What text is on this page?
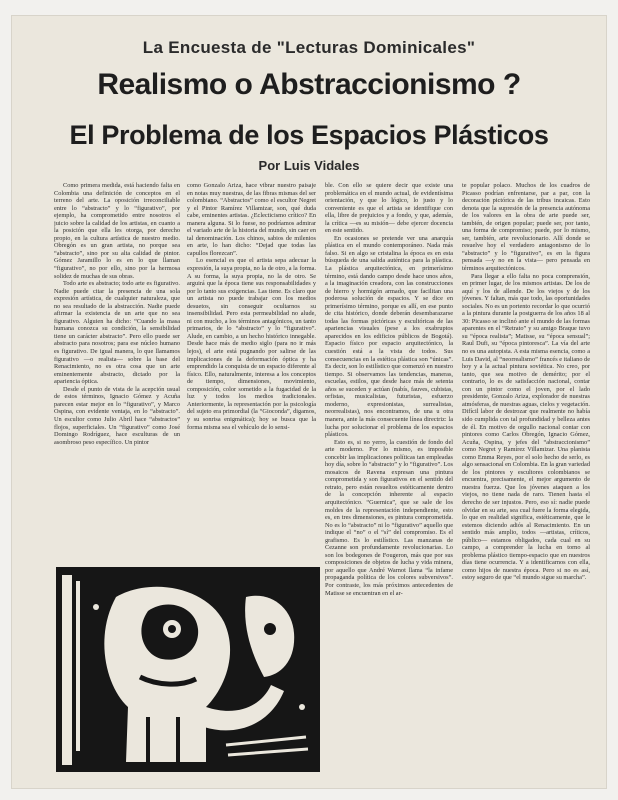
La Encuesta de "Lecturas Dominicales"
Realismo o Abstraccionismo ?
El Problema de los Espacios Plásticos
Por Luis Vidales

Como primera medida, está haciendo falta en Colombia una definición de conceptos en el terreno del arte. La oposición irreconciliable entre lo “abstracto” y lo “figurativo”, por ejemplo, ha comprometido entre nosotros el juicio sobre la calidad de los artistas, en cuanto a la posición que ella les otorga, por derecho propio, en la cultura artística de nuestro medio. Obregón es un gran artista, no porque sea “abstracto”, sino por su alta calidad de pintor. Gómez Jaramillo lo es en lo que llaman “figurativo”, no por ello, sino por la hermosa solidez de muchas de sus obras.

Todo arte es abstracto; todo arte es figurativo. Nadie puede citar la presencia de una sola expresión artística, de cualquier naturaleza, que no sea resultado de la abstracción. Nadie puede afirmar la existencia de un arte que no sea figurativo. Alguien ha dicho: “Cuando la masa humana conozca su condición, la sensibilidad tiene un carácter abstracto”. Pero ello puede ser abstracto para nosotros; para ese núcleo humano es figurativo. De igual manera, lo que llamamos figurativo —o realista— sobre la base del Renacimiento, no es otra cosa que un arte eminentemente abstracto, dictado por la apariencia óptica.

Desde el punto de vista de la acepción usual de estos términos, Ignacio Gómez y Acuña parecen estar mejor en lo “figurativo”, y Marco Ospina, con evidente ventaja, en lo “abstracto”. Un escultor como Julio Abril hace “abstractos” flojos, superficiales. Un “figurativo” como José Domingo Rodríguez, hace esculturas de un asombroso peso específico. Un pintor

como Gonzalo Ariza, hace vibrar nuestro paisaje en notas muy nuestras, de las fibras mismas del ser colombiano. “Abstractos” como el escultor Negret y el Pintor Ramírez Villamizar, son, qué duda cabe, eminentes artistas. ¿Eclecticismo crítico? En manera alguna. Si lo fuese, no podríamos admirar el variado arte de la historia del mundo, sin caer en tal denominación. Los chinos, sabios de milenios en arte, lo han dicho: “Dejad que todas las capullos florezcan”.

Lo esencial es que el artista sepa adecuar la expresión, la suya propia, no la de otro, a la forma. A su forma, la suya propia, no la de otro. Se arguirá que la época tiene sus responsabilidades y por lo tanto sus exigencias. Las tiene. Es claro que un artista no puede trabajar con los medios desuetos, sin conseguir ocultarnos su insensibilidad. Pero esta permeabilidad no alude, ni con mucho, a los términos antagónicos, un tanto primarios, de lo “abstracto” y lo “figurativo”. Alude, en cambio, a un hecho histórico innegable. Desde hace más de medio siglo (para no ir más lejos), el arte está pugnando por salirse de las implicaciones de la deformación óptica y ha emprendido la conquista de un espacio diferente al físico. Ello, naturalmente, interesa a los conceptos de tiempo, dimensiones, movimiento, composición, color sometido a la fugacidad de la luz y todos los medios tradicionales. Anteriormente, la representación por la psicología del sujeto era primordial (la “Gioconda”, digamos, y su sonrisa enigmática); hoy se busca que la forma misma sea el vehículo de lo sensi-

ble. Con ello se quiere decir que existe una problemática en el mundo actual, de evidentísima orientación, y que lo lógico, lo justo y lo conveniente es que el artista se identifique con ella, libre de prejuicios y a fondo, y que, además, la crítica —es su misión— debe ejercer docencia en este sentido.

En ocasiones se pretende ver una anarquía plástica en el mundo contemporáneo. Nada más falso. Si en algo se cristalina la época es en esta búsqueda de una salida auténtica para la plástica. La plástica arquitectónica, en primerísimo término, está dando campo desde hace unos años, a la imaginación creadora, con las construcciones de hierro y hormigón armado, que facilitan una poderosa solución de espacios. Y se dice en primerísimo término, porque es allí, en ese punto de cita histórico, donde deberán desembarazarse todas las formas pictóricas y escultóricas de las apariencias visuales (pese a los exabruptos aparecidos en los edificios públicos de Bogotá). Espacio físico por espacio arquitectónico, la cuestión está a la vista de todos. Sus consecuencias en la estética plástica son “únicas”. Es decir, son lo estilístico que comenzó en nuestro tiempo. Si observamos las tendencias, maneras, escuelas, estilos, que desde hace más de setenta años se suceden y actúan (nabís, fauves, cubistas, orfistas, musicalistas, futuristas, esfuerzo moderno, expresionistas, surrealistas, neorrealistas), nos encontramos, de una u otra manera, ante la más consecuente línea directriz: la lucha por solucionar el problema de los espacios plásticos.

Esto es, si no yerro, la cuestión de fondo del arte moderno. Por lo mismo, es imposible concebir las implicaciones políticas tan empleadas hoy día, sobre lo “abstracto” y lo “figurativo”. Los mosaicos de Ravena expresan una pintura comprometida y son figurativos en el sentido del retrato, pero están resueltos estéticamente dentro de la concepción inherente al espacio arquitectónico. “Guernica”, que se sale de los moldes de la representación independiente, esto es, en tres dimensiones, es pintura comprometida. No es lo “abstracto” ni lo “figurativo” aquello que indique el “no” o el “sí” del compromiso. Es el grafismo. Es lo estilístico. Las manzanas de Cezanne son profundamente revolucionarias. Lo son los bodegones de Fougeron, más que por sus composiciones de objetos de lucha y vida minera, por aquello que André Warnot llama “la infame propaganda política de los colores subversivos”. Por contraste, los más próximos antecedentes de Matisse se encuentran en el ar-

te popular polaco. Muchos de los cuadros de Picasso podrían enfrentarse, par a par, con la decoración pictórica de las tribus incaicas. Esto denota que la supresión de la presencia autónoma de los valores en la obra de arte puede ser, también, de origen popular; puede ser, por tanto, una forma de compromiso; puede, por lo mismo, ser, también, arte revolucionario. Allí donde se resuelve hoy el verdadero antagonismo de lo “abstracto” y lo “figurativo”, es en la figura pensada —y no en la vista— pero pensada en términos arquitectónicos.

Para llegar a ello falta no poca comprensión, en primer lugar, de los mismos artistas. De los de aquí y los de allende. De los viejos y de los jóvenes. Y faltan, más que todo, las oportunidades sociales. No es un portento recordar lo que ocurrió a la pintura durante la postguerra de los años 18 al 30: Picasso se inclinó ante el mundo de las formas aparentes en el “Retrato” y su amigo Braque tuvo su “época realista”; Matisse, su “época sensual”; Raul Dufi, su “época pintoresca”. La vía del arte no es una autopista. A esta misma esencia, como a Luis David, al “neorrealismo” francés e italiano de hoy y a la actual pintura soviética. No creo, por tanto, que sea motivo de demérito; por el contrario, lo es de satisfacción nacional, contar con un pintor como el joven, por el lado presidente, Gonzalo Ariza, explorador de nuestras atmósferas, de nuestras aguas, cielos y vegetación. Difícil labor de destrozar que realmente no había sido cumplida con tal profundidad y belleza antes de él. En motivo de orgullo nacional contar con pintores como Carlos Obregón, Ignacio Gómez, Acuña, Ospina, y jefes del “abstraccionismo” como Negret y Ramírez Villamizar. Una planista como Emma Reyes, por el solo hecho de serlo, es algo sensacional en Colombia. En la gran variedad de los pintores y escultores colombianos se encuentra, precisamente, el mejor argumento de nuestra fuerza. Que los jóvenes ataquen a los viejos, no tiene nada de raro. Tienen hasta el derecho de ser injustos. Pero, eso sí: nadie puede olvidar en su arte, sea cual fuere la forma elegida, lo que en realidad significa, estéticamente, que le estemos diciendo adiós al Renacimiento. En un sentido más amplio, todos —artistas, críticos, público— estamos obligados, cada cual en su campo, a comprender la lucha en torno al problema plástico tiempo-espacio que en nuestros días tiene ocurrencia. Y a identificarnos con ella, como hijos de nuestra época. Pero si no es así, estoy seguro de que “el mundo sigue su marcha”.
